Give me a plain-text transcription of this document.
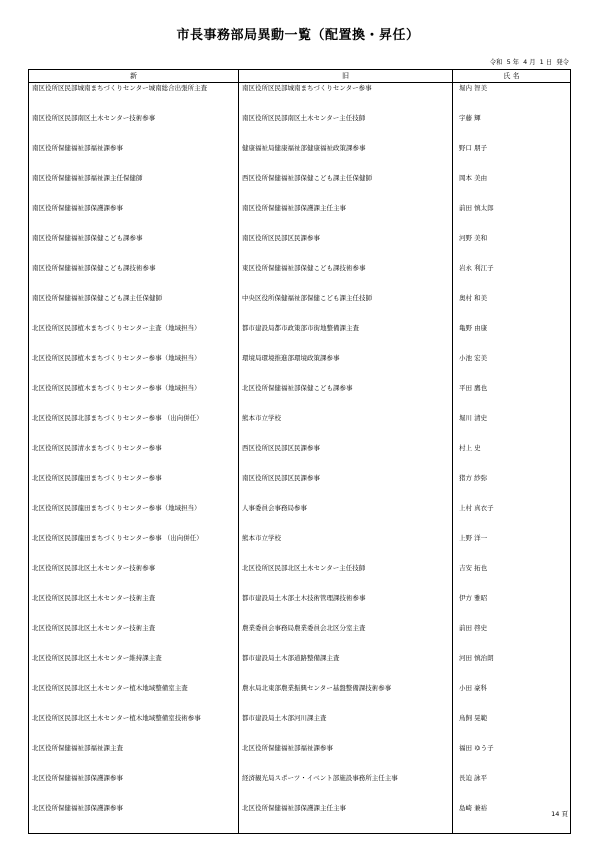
市長事務部局異動一覧（配置換・昇任）
令和  5 年  4 月  1 日  発令
新	旧	氏 名
南区役所区民部城南まちづくりセンター城南総合出張所主査	南区役所区民部城南まちづくりセンター参事	堀内 智美
南区役所区民部南区土木センター技術参事	南区役所区民部南区土木センター主任技師	宇藤 輝
南区役所保健福祉部福祉課参事	健康福祉局健康福祉部健康福祉政策課参事	野口 朋子
南区役所保健福祉部福祉課主任保健師	西区役所保健福祉部保健こども課主任保健師	岡本 美由
南区役所保健福祉部保護課参事	南区役所保健福祉部保護課主任主事	前田 慎太郎
南区役所保健福祉部保健こども課参事	南区役所区民部区民課参事	河野 美和
南区役所保健福祉部保健こども課技術参事	東区役所保健福祉部保健こども課技術参事	岩永 利江子
南区役所保健福祉部保健こども課主任保健師	中央区役所保健福祉部保健こども課主任技師	奥村 和美
北区役所区民部植木まちづくりセンター主査（地域担当）	都市建設局都市政策部市街地整備課主査	亀野 由康
北区役所区民部植木まちづくりセンター参事（地域担当）	環境局環境推進部環境政策課参事	小池 宏美
北区役所区民部植木まちづくりセンター参事（地域担当）	北区役所保健福祉部保健こども課参事	平田 鷹也
北区役所区民部北部まちづくりセンター参事 （出向併任）	熊本市立学校	堀川 清史
北区役所区民部清水まちづくりセンター参事	西区役所区民部区民課参事	村上 史
北区役所区民部龍田まちづくりセンター参事	南区役所区民部区民課参事	猪方 紗弥
北区役所区民部龍田まちづくりセンター参事（地域担当）	人事委員会事務局参事	上村 真衣子
北区役所区民部龍田まちづくりセンター参事 （出向併任）	熊本市立学校	上野 洋一
北区役所区民部北区土木センター技術参事	北区役所区民部北区土木センター主任技師	吉安 拓也
北区役所区民部北区土木センター技術主査	都市建設局土木部土木技術管理課技術参事	伊方 雅昭
北区役所区民部北区土木センター技術主査	農業委員会事務局農業委員会北区分室主査	前田 啓史
北区役所区民部北区土木センター維持課主査	都市建設局土木部道路整備課主査	河田 慎治朗
北区役所区民部北区土木センター植木地域整備室主査	農水局北東部農業振興センター基盤整備課技術参事	小田 豪科
北区役所区民部北区土木センター植木地域整備室技術参事	都市建設局土木部河川課主査	鳥飼 晃範
北区役所保健福祉部福祉課主査	北区役所保健福祉部福祉課参事	福田 ゆう子
北区役所保健福祉部保護課参事	経済観光局スポーツ・イベント部施設事務所主任主事	長迫 詠平
北区役所保健福祉部保護課参事	北区役所保健福祉部保護課主任主事	島崎 兼裕
14 頁
